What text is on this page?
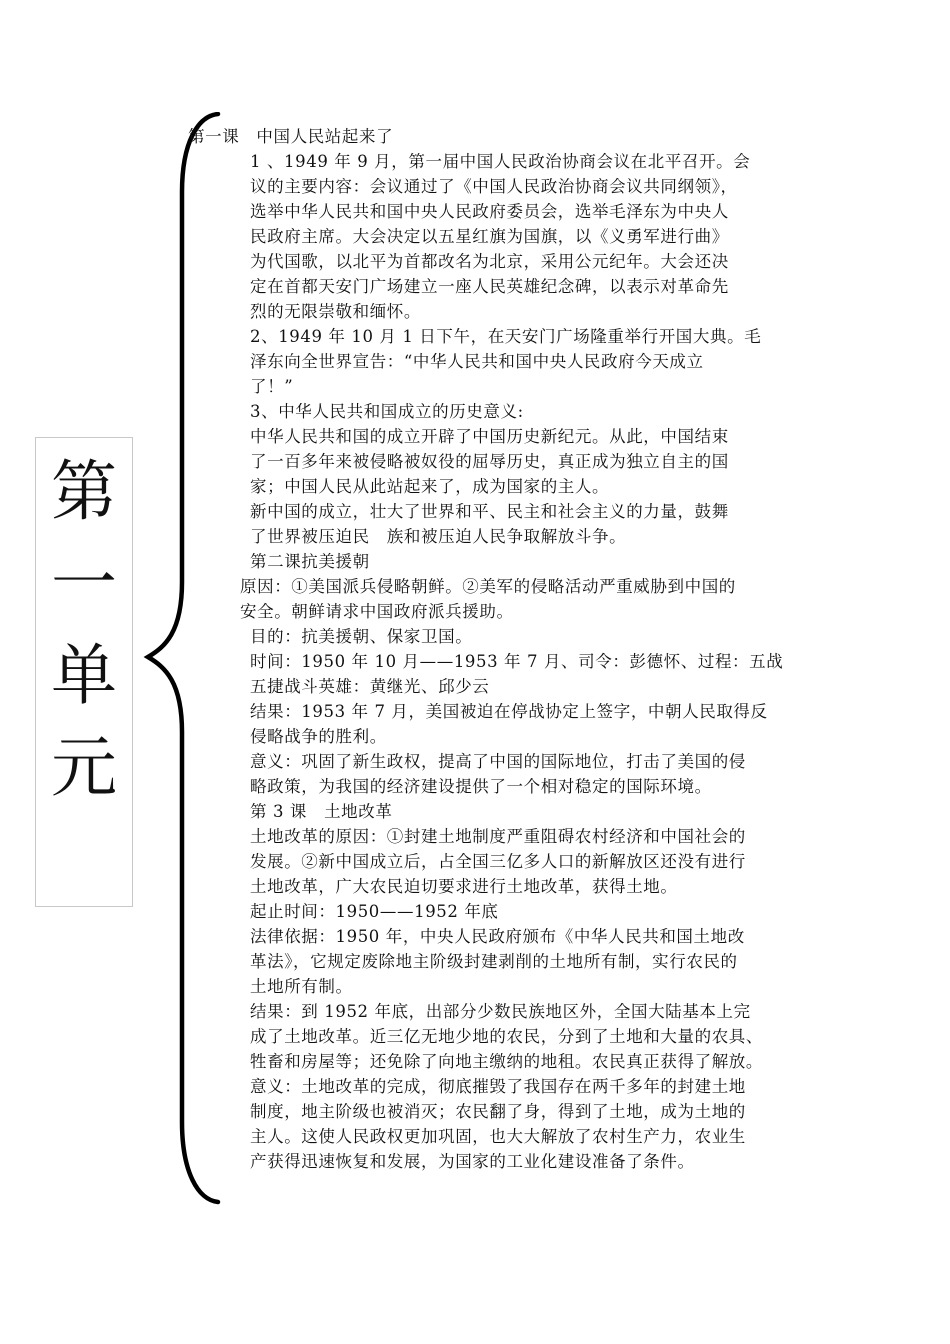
第
一
单
元
第一课　中国人民站起来了
1 、1949 年 9 月，第一届中国人民政治协商会议在北平召开。会
议的主要内容：会议通过了《中国人民政治协商会议共同纲领》，
选举中华人民共和国中央人民政府委员会，选举毛泽东为中央人
民政府主席。大会决定以五星红旗为国旗，以《义勇军进行曲》
为代国歌，以北平为首都改名为北京，采用公元纪年。大会还决
定在首都天安门广场建立一座人民英雄纪念碑，以表示对革命先
烈的无限崇敬和缅怀。
2、1949 年 10 月 1 日下午，在天安门广场隆重举行开国大典。毛
泽东向全世界宣告：“中华人民共和国中央人民政府今天成立
了！”
3、中华人民共和国成立的历史意义:
中华人民共和国的成立开辟了中国历史新纪元。从此，中国结束
了一百多年来被侵略被奴役的屈辱历史，真正成为独立自主的国
家；中国人民从此站起来了，成为国家的主人。
新中国的成立，壮大了世界和平、民主和社会主义的力量，鼓舞
了世界被压迫民　族和被压迫人民争取解放斗争。
第二课抗美援朝
原因：①美国派兵侵略朝鲜。②美军的侵略活动严重威胁到中国的
安全。朝鲜请求中国政府派兵援助。
目的：抗美援朝、保家卫国。
时间：1950 年 10 月——1953 年 7 月、司令：彭德怀、过程：五战
五捷战斗英雄：黄继光、邱少云
结果：1953 年 7 月，美国被迫在停战协定上签字，中朝人民取得反
侵略战争的胜利。
意义：巩固了新生政权，提高了中国的国际地位，打击了美国的侵
略政策，为我国的经济建设提供了一个相对稳定的国际环境。
第 3 课　土地改革
土地改革的原因：①封建土地制度严重阻碍农村经济和中国社会的
发展。②新中国成立后，占全国三亿多人口的新解放区还没有进行
土地改革，广大农民迫切要求进行土地改革，获得土地。
起止时间：1950——1952 年底
法律依据：1950 年，中央人民政府颁布《中华人民共和国土地改
革法》，它规定废除地主阶级封建剥削的土地所有制，实行农民的
土地所有制。
结果：到 1952 年底，出部分少数民族地区外，全国大陆基本上完
成了土地改革。近三亿无地少地的农民，分到了土地和大量的农具、
牲畜和房屋等；还免除了向地主缴纳的地租。农民真正获得了解放。
意义：土地改革的完成，彻底摧毁了我国存在两千多年的封建土地
制度，地主阶级也被消灭；农民翻了身，得到了土地，成为土地的
主人。这使人民政权更加巩固，也大大解放了农村生产力，农业生
产获得迅速恢复和发展，为国家的工业化建设准备了条件。
